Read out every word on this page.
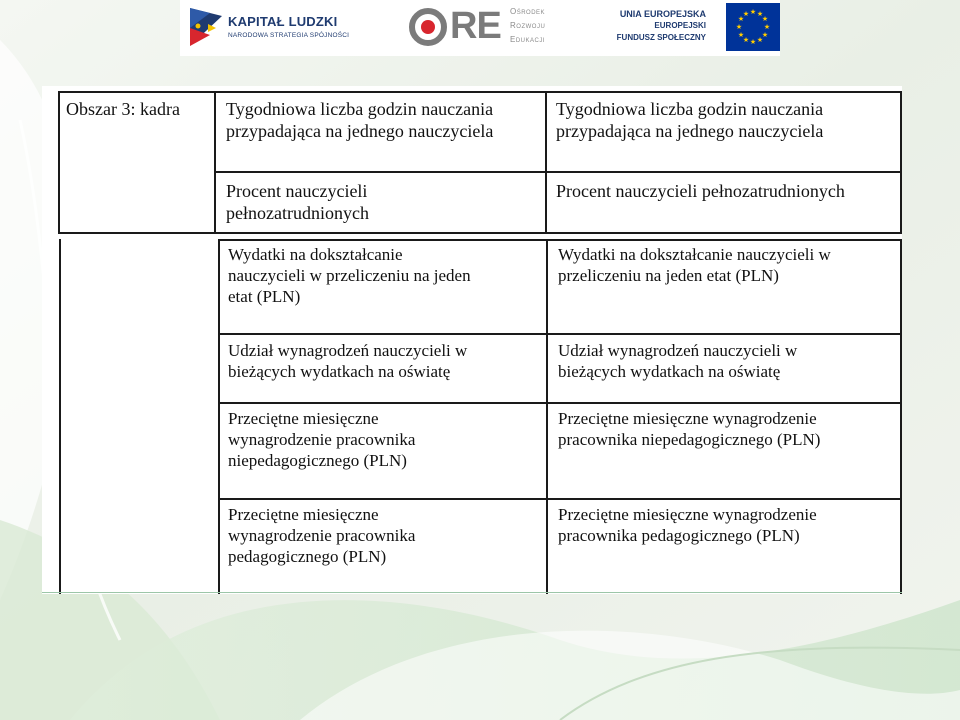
KAPITAŁ LUDZKI
NARODOWA STRATEGIA SPÓJNOŚCI	RE Ośrodek
Rozwoju
Edukacji
UNIA EUROPEJSKA
EUROPEJSKI
FUNDUSZ SPOŁECZNY
★ ★
★
★
★
★
★
★
★
★
★
★
Obszar 3: kadra	Tygodniowa liczba godzin nauczania
przypadająca na jednego nauczyciela
Tygodniowa liczba godzin nauczania
przypadająca na jednego nauczyciela
Procent nauczycieli
pełnozatrudnionych
Procent nauczycieli pełnozatrudnionych
Wydatki na dokształcanie
nauczycieli w przeliczeniu na jeden
etat (PLN)
Wydatki na dokształcanie nauczycieli w
przeliczeniu na jeden etat (PLN)
Udział wynagrodzeń nauczycieli w
bieżących wydatkach na oświatę
Udział wynagrodzeń nauczycieli w
bieżących wydatkach na oświatę
Przeciętne miesięczne
wynagrodzenie pracownika
niepedagogicznego (PLN)
Przeciętne miesięczne wynagrodzenie
pracownika niepedagogicznego (PLN)
Przeciętne miesięczne
wynagrodzenie pracownika
pedagogicznego (PLN)
Przeciętne miesięczne wynagrodzenie
pracownika pedagogicznego (PLN)
